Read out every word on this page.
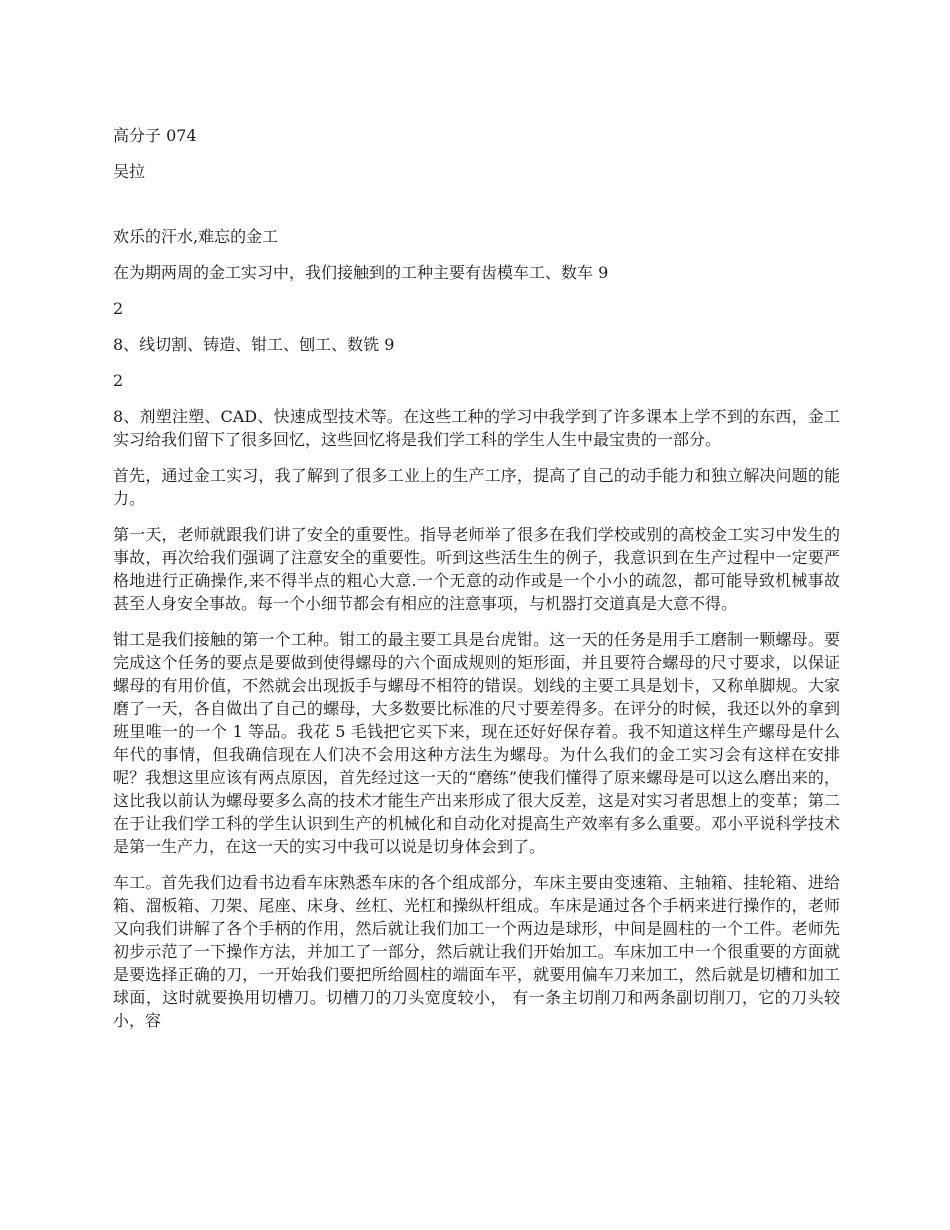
高分子 074

吴拉

欢乐的汗水,难忘的金工

在为期两周的金工实习中，我们接触到的工种主要有齿模车工、数车 9

2

8、线切割、铸造、钳工、刨工、数铣 9

2

8、剂塑注塑、CAD、快速成型技术等。在这些工种的学习中我学到了许多课本上学不到的东西，金工实习给我们留下了很多回忆，这些回忆将是我们学工科的学生人生中最宝贵的一部分。

首先，通过金工实习，我了解到了很多工业上的生产工序，提高了自己的动手能力和独立解决问题的能力。

第一天，老师就跟我们讲了安全的重要性。指导老师举了很多在我们学校或别的高校金工实习中发生的事故，再次给我们强调了注意安全的重要性。听到这些活生生的例子，我意识到在生产过程中一定要严格地进行正确操作,来不得半点的粗心大意.一个无意的动作或是一个小小的疏忽，都可能导致机械事故甚至人身安全事故。每一个小细节都会有相应的注意事项，与机器打交道真是大意不得。

钳工是我们接触的第一个工种。钳工的最主要工具是台虎钳。这一天的任务是用手工磨制一颗螺母。要完成这个任务的要点是要做到使得螺母的六个面成规则的矩形面，并且要符合螺母的尺寸要求，以保证螺母的有用价值，不然就会出现扳手与螺母不相符的错误。划线的主要工具是划卡，又称单脚规。大家磨了一天，各自做出了自己的螺母，大多数要比标准的尺寸要差得多。在评分的时候，我还以外的拿到班里唯一的一个 1 等品。我花 5 毛钱把它买下来，现在还好好保存着。我不知道这样生产螺母是什么年代的事情，但我确信现在人们决不会用这种方法生为螺母。为什么我们的金工实习会有这样在安排呢？我想这里应该有两点原因，首先经过这一天的“磨练”使我们懂得了原来螺母是可以这么磨出来的，这比我以前认为螺母要多么高的技术才能生产出来形成了很大反差，这是对实习者思想上的变革；第二在于让我们学工科的学生认识到生产的机械化和自动化对提高生产效率有多么重要。邓小平说科学技术是第一生产力，在这一天的实习中我可以说是切身体会到了。

车工。首先我们边看书边看车床熟悉车床的各个组成部分，车床主要由变速箱、主轴箱、挂轮箱、进给箱、溜板箱、刀架、尾座、床身、丝杠、光杠和操纵杆组成。车床是通过各个手柄来进行操作的，老师又向我们讲解了各个手柄的作用，然后就让我们加工一个两边是球形，中间是圆柱的一个工件。老师先初步示范了一下操作方法，并加工了一部分，然后就让我们开始加工。车床加工中一个很重要的方面就是要选择正确的刀，一开始我们要把所给圆柱的端面车平，就要用偏车刀来加工，然后就是切槽和加工球面，这时就要换用切槽刀。切槽刀的刀头宽度较小， 有一条主切削刀和两条副切削刀，它的刀头较小，容
